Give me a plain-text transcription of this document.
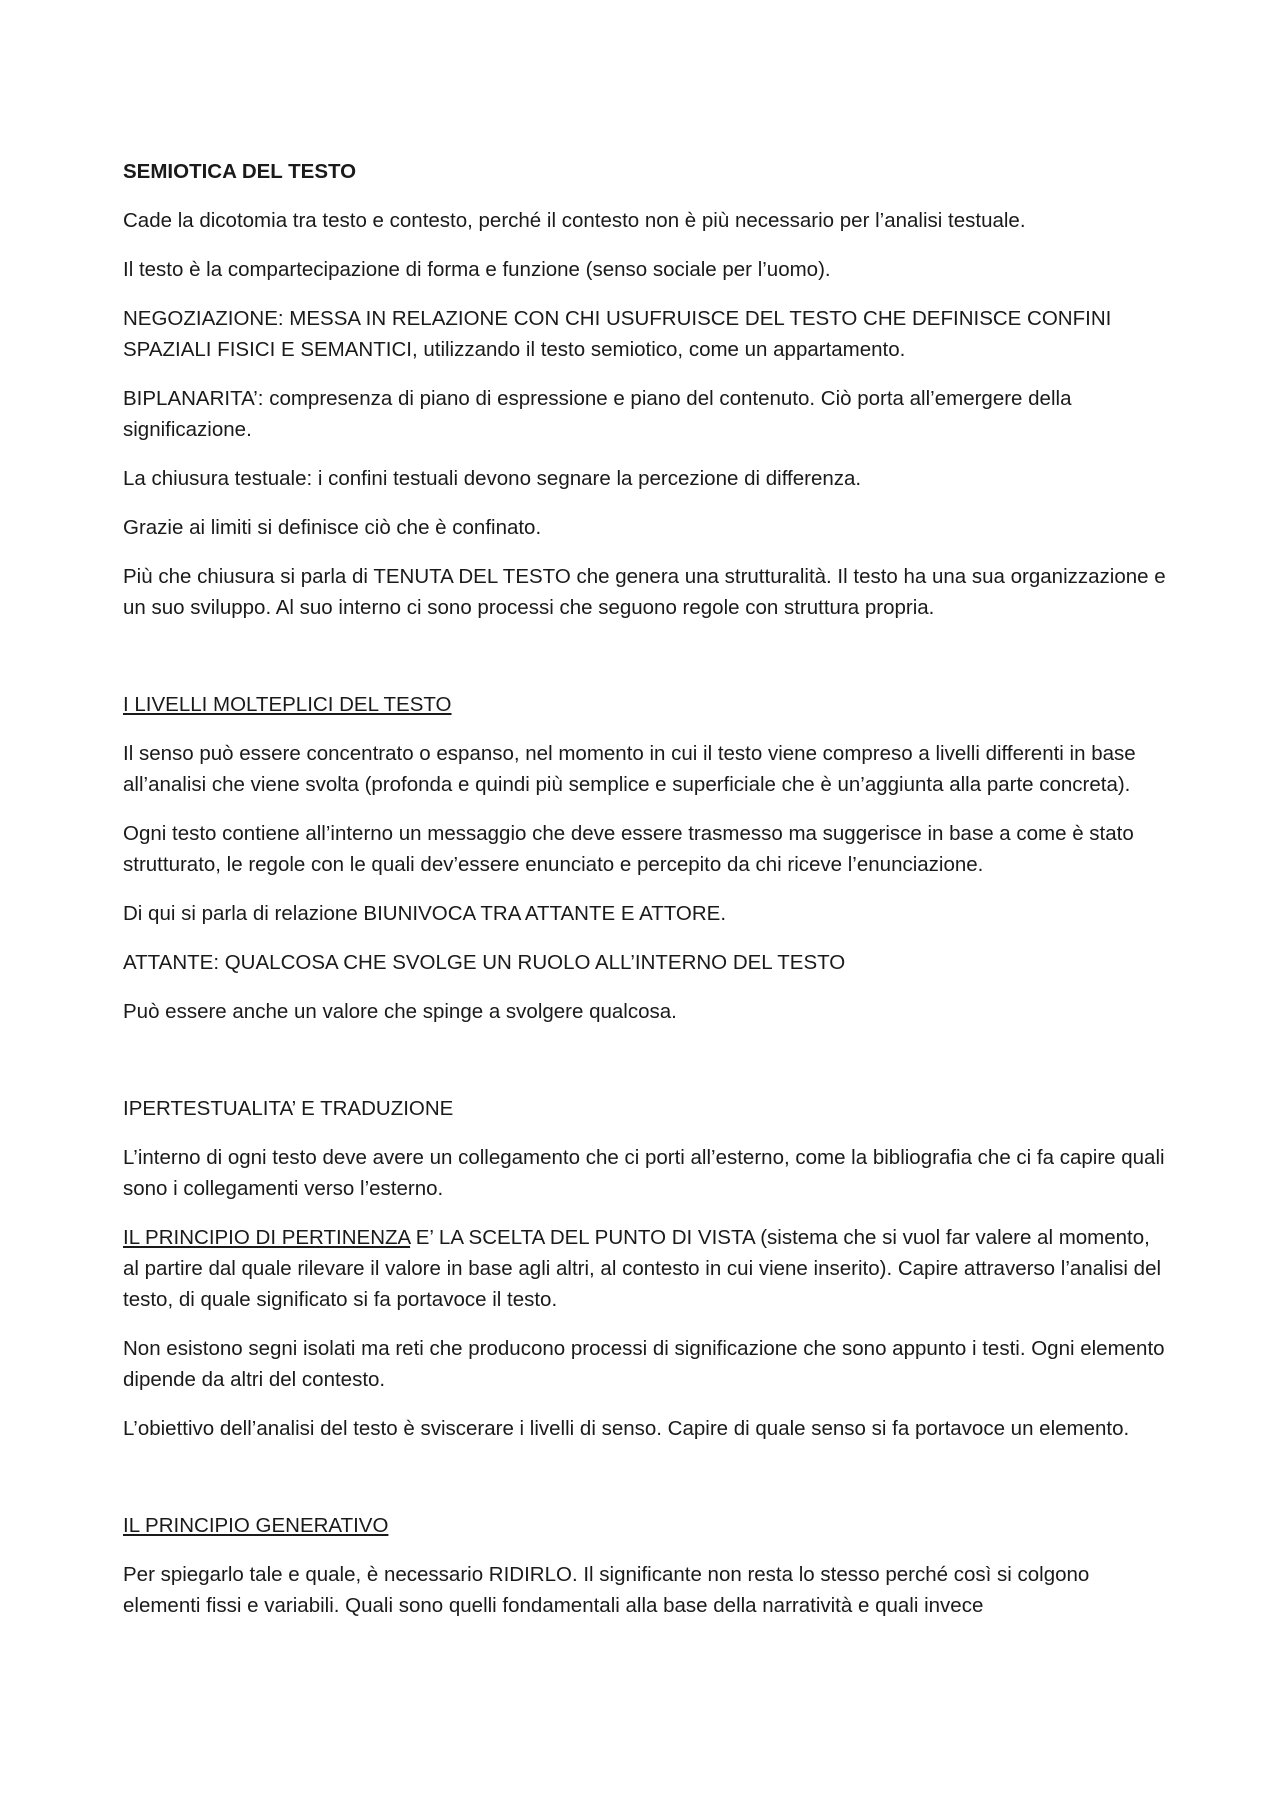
SEMIOTICA DEL TESTO

Cade la dicotomia tra testo e contesto, perché il contesto non è più necessario per l’analisi testuale.

Il testo è la compartecipazione di forma e funzione (senso sociale per l’uomo).

NEGOZIAZIONE: MESSA IN RELAZIONE CON CHI USUFRUISCE DEL TESTO CHE DEFINISCE CONFINI SPAZIALI FISICI E SEMANTICI, utilizzando il testo semiotico, come un appartamento.

BIPLANARITA’: compresenza di piano di espressione e piano del contenuto. Ciò porta all’emergere della significazione.

La chiusura testuale: i confini testuali devono segnare la percezione di differenza.

Grazie ai limiti si definisce ciò che è confinato.

Più che chiusura si parla di TENUTA DEL TESTO che genera una strutturalità. Il testo ha una sua organizzazione e un suo sviluppo. Al suo interno ci sono processi che seguono regole con struttura propria.

I LIVELLI MOLTEPLICI DEL TESTO

Il senso può essere concentrato o espanso, nel momento in cui il testo viene compreso a livelli differenti in base all’analisi che viene svolta (profonda e quindi più semplice e superficiale che è un’aggiunta alla parte concreta).

Ogni testo contiene all’interno un messaggio che deve essere trasmesso ma suggerisce in base a come è stato strutturato, le regole con le quali dev’essere enunciato e percepito da chi riceve l’enunciazione.

Di qui si parla di relazione BIUNIVOCA TRA ATTANTE E ATTORE.

ATTANTE: QUALCOSA CHE SVOLGE UN RUOLO ALL’INTERNO DEL TESTO

Può essere anche un valore che spinge a svolgere qualcosa.

IPERTESTUALITA’ E TRADUZIONE

L’interno di ogni testo deve avere un collegamento che ci porti all’esterno, come la bibliografia che ci fa capire quali sono i collegamenti verso l’esterno.

IL PRINCIPIO DI PERTINENZA E’ LA SCELTA DEL PUNTO DI VISTA (sistema che si vuol far valere al momento, al partire dal quale rilevare il valore in base agli altri, al contesto in cui viene inserito). Capire attraverso l’analisi del testo, di quale significato si fa portavoce il testo.

Non esistono segni isolati ma reti che producono processi di significazione che sono appunto i testi. Ogni elemento dipende da altri del contesto.

L’obiettivo dell’analisi del testo è sviscerare i livelli di senso. Capire di quale senso si fa portavoce un elemento.

IL PRINCIPIO GENERATIVO

Per spiegarlo tale e quale, è necessario RIDIRLO. Il significante non resta lo stesso perché così si colgono elementi fissi e variabili. Quali sono quelli fondamentali alla base della narratività e quali invece
